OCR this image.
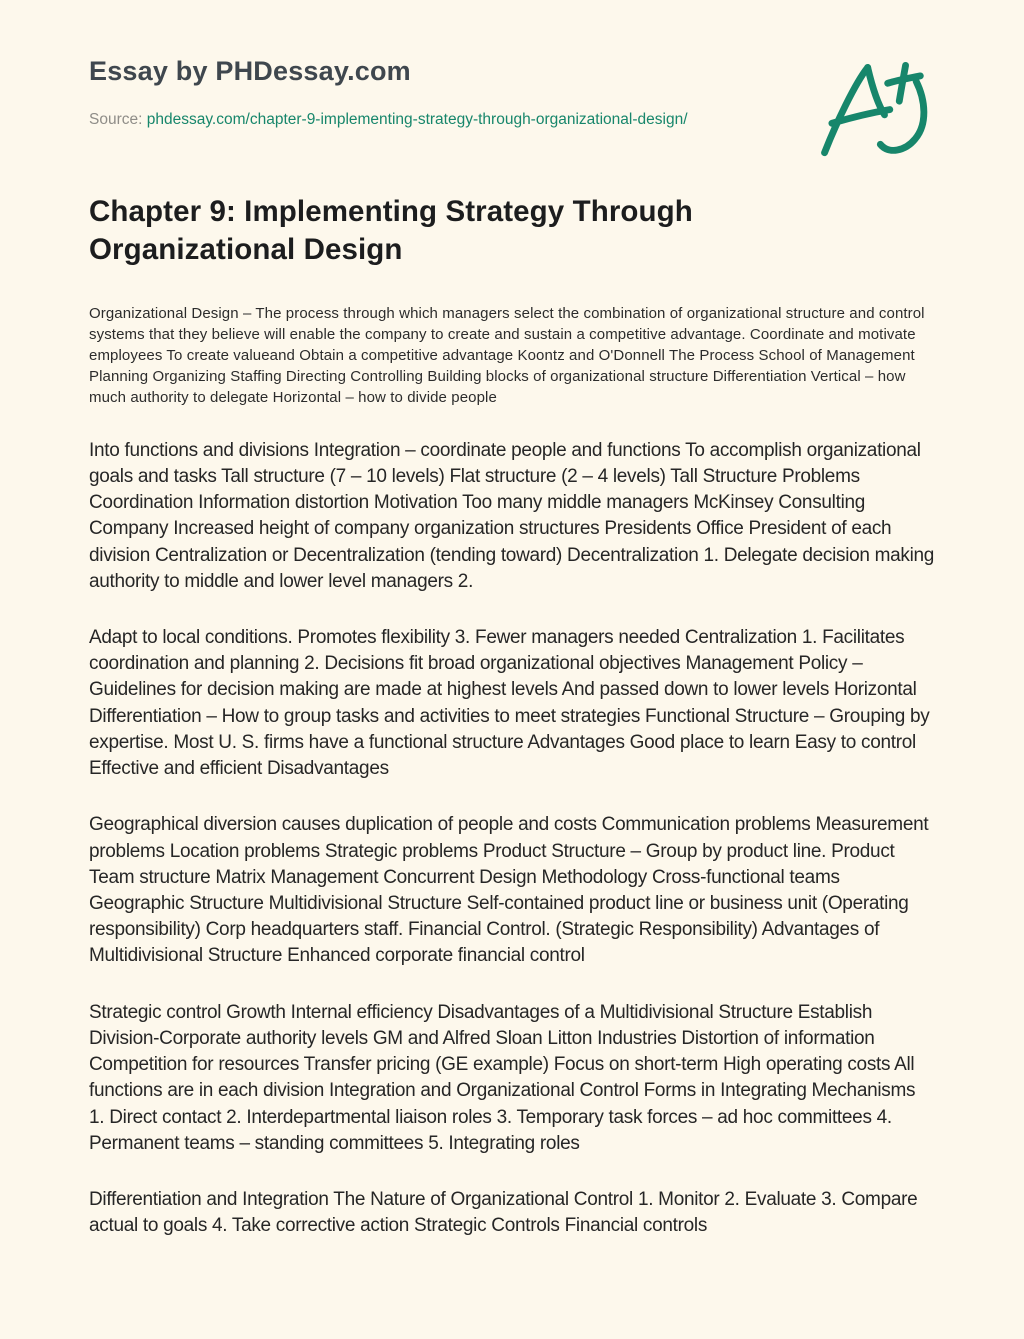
Essay by PHDessay.com
Source: phdessay.com/chapter-9-implementing-strategy-through-organizational-design/
Chapter 9: Implementing Strategy Through Organizational Design

Organizational Design – The process through which managers select the combination of organizational structure and control systems that they believe will enable the company to create and sustain a competitive advantage. Coordinate and motivate employees To create valueand Obtain a competitive advantage Koontz and O'Donnell The Process School of Management Planning Organizing Staffing Directing Controlling Building blocks of organizational structure Differentiation Vertical – how much authority to delegate Horizontal – how to divide people

Into functions and divisions Integration – coordinate people and functions To accomplish organizational goals and tasks Tall structure (7 – 10 levels) Flat structure (2 – 4 levels) Tall Structure Problems Coordination Information distortion Motivation Too many middle managers McKinsey Consulting Company Increased height of company organization structures Presidents Office President of each division Centralization or Decentralization (tending toward) Decentralization 1. Delegate decision making authority to middle and lower level managers 2.

Adapt to local conditions. Promotes flexibility 3. Fewer managers needed Centralization 1. Facilitates coordination and planning 2. Decisions fit broad organizational objectives Management Policy – Guidelines for decision making are made at highest levels And passed down to lower levels Horizontal Differentiation – How to group tasks and activities to meet strategies Functional Structure – Grouping by expertise. Most U. S. firms have a functional structure Advantages Good place to learn Easy to control Effective and efficient Disadvantages

Geographical diversion causes duplication of people and costs Communication problems Measurement problems Location problems Strategic problems Product Structure – Group by product line. Product Team structure Matrix Management Concurrent Design Methodology Cross-functional teams Geographic Structure Multidivisional Structure Self-contained product line or business unit (Operating responsibility) Corp headquarters staff. Financial Control. (Strategic Responsibility) Advantages of Multidivisional Structure Enhanced corporate financial control

Strategic control Growth Internal efficiency Disadvantages of a Multidivisional Structure Establish Division-Corporate authority levels GM and Alfred Sloan Litton Industries Distortion of information Competition for resources Transfer pricing (GE example) Focus on short-term High operating costs All functions are in each division Integration and Organizational Control Forms in Integrating Mechanisms 1. Direct contact 2. Interdepartmental liaison roles 3. Temporary task forces – ad hoc committees 4. Permanent teams – standing committees 5. Integrating roles

Differentiation and Integration The Nature of Organizational Control 1. Monitor 2. Evaluate 3. Compare actual to goals 4. Take corrective action Strategic Controls Financial controls
